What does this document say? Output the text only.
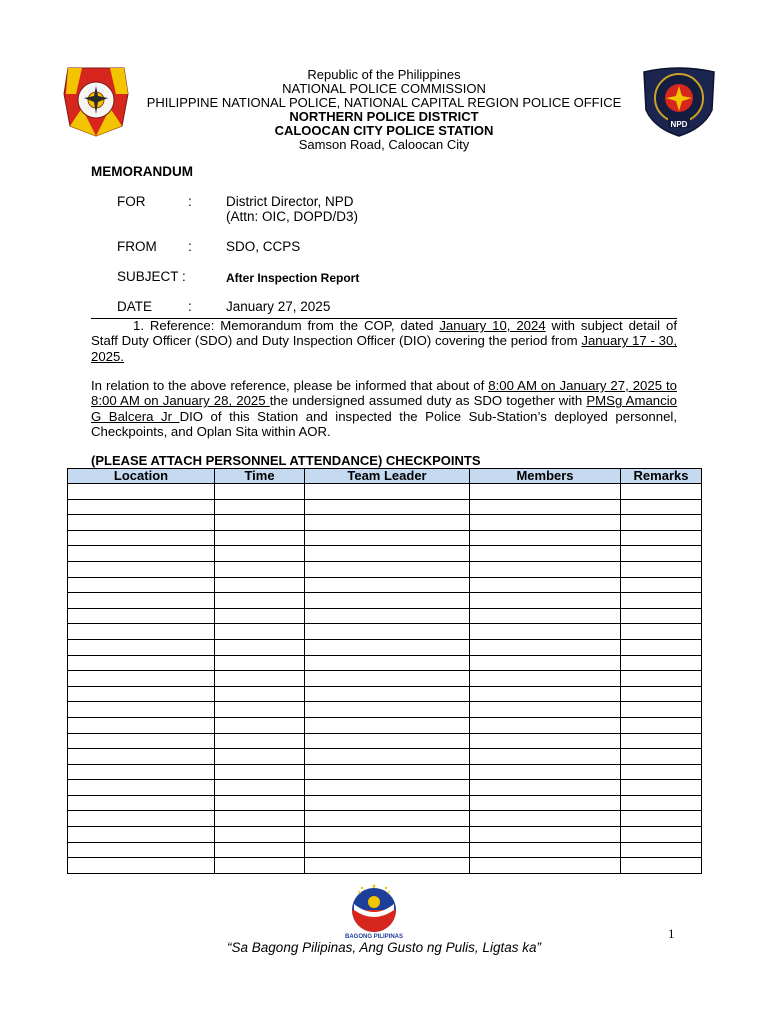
NPD
Republic of the Philippines
NATIONAL POLICE COMMISSION
PHILIPPINE NATIONAL POLICE, NATIONAL CAPITAL REGION POLICE OFFICE
NORTHERN POLICE DISTRICT
CALOOCAN CITY POLICE STATION
Samson Road, Caloocan City
MEMORANDUM
FOR	:	District Director, NPD
(Attn: OIC, DOPD/D3)
FROM :	SDO, CCPS
SUBJECT :	After Inspection Report
DATE	:	January 27, 2025
1. Reference: Memorandum from the COP, dated January 10, 2024 with subject detail of Staff Duty Officer (SDO) and Duty Inspection Officer (DIO) covering the period from January 17 - 30, 2025.
In relation to the above reference, please be informed that about of 8:00 AM on January 27, 2025 to 8:00 AM on January 28, 2025 the undersigned assumed duty as SDO together with PMSg Amancio G Balcera Jr DIO of this Station and inspected the Police Sub-Station’s deployed personnel, Checkpoints, and Oplan Sita within AOR.
(PLEASE ATTACH PERSONNEL ATTENDANCE) CHECKPOINTS
Location	Time	Team Leader	Members	Remarks

BAGONG PILIPINAS	1
“Sa Bagong Pilipinas, Ang Gusto ng Pulis, Ligtas ka”
